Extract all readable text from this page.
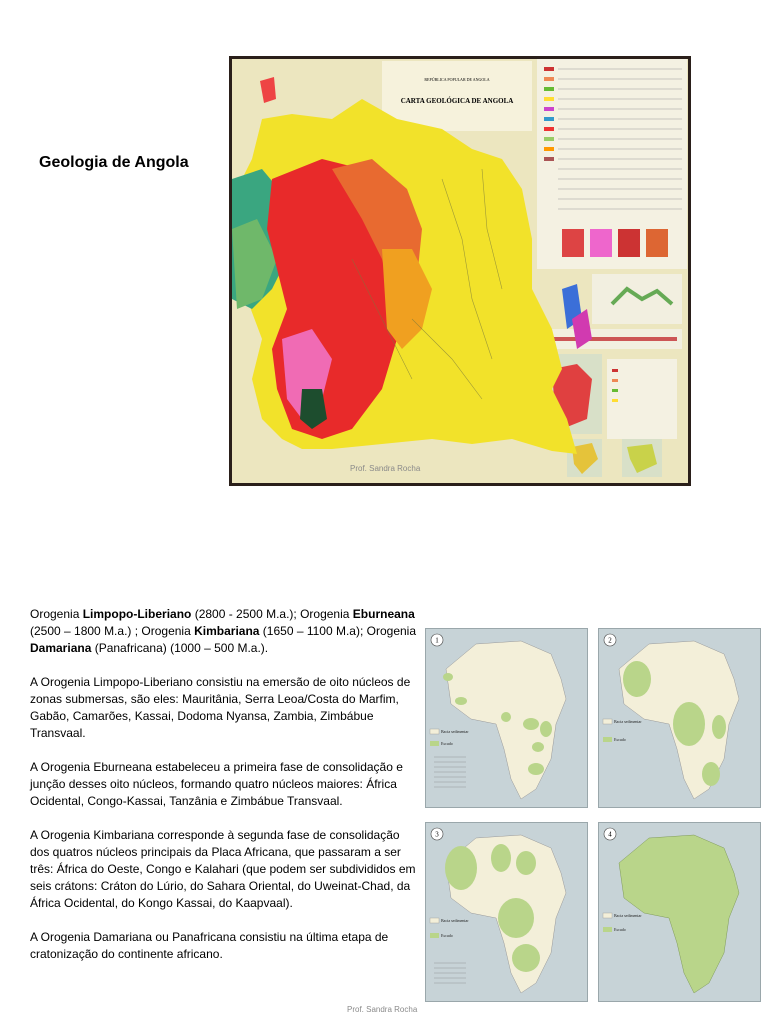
Geologia de Angola
REPÚBLICA POPULAR DE ANGOLA
CARTA GEOLÓGICA DE ANGOLA
Prof. Sandra Rocha

Orogenia Limpopo-Liberiano (2800 - 2500 M.a.); Orogenia Eburneana (2500 – 1800 M.a.) ; Orogenia Kimbariana (1650 – 1100 M.a); Orogenia Damariana (Panafricana) (1000 – 500 M.a.).

A Orogenia Limpopo-Liberiano consistiu na emersão de oito núcleos de zonas submersas, são eles: Mauritânia, Serra Leoa/Costa do Marfim, Gabão, Camarões, Kassai, Dodoma Nyansa, Zambia, Zimbábue Transvaal.

A Orogenia Eburneana estabeleceu a primeira fase de consolidação e junção desses oito núcleos, formando quatro núcleos maiores: África Ocidental, Congo-Kassai, Tanzânia e Zimbábue Transvaal.

A Orogenia Kimbariana corresponde à segunda fase de consolidação dos quatros núcleos principais da Placa Africana, que passaram a ser três: África do Oeste, Congo e Kalahari (que podem ser subdivididos em seis crátons: Cráton do Lúrio, do Sahara Oriental, do Uweinat-Chad, da África Ocidental, do Kongo Kassai, do Kaapvaal).

A Orogenia Damariana ou Panafricana consistiu na última etapa de cratonização do continente africano.

Prof. Sandra Rocha
1
Bacia sedimentar
Escudo
2
Bacia sedimentar
Escudo
3
Bacia sedimentar
Escudo
4
Bacia sedimentar
Escudo
